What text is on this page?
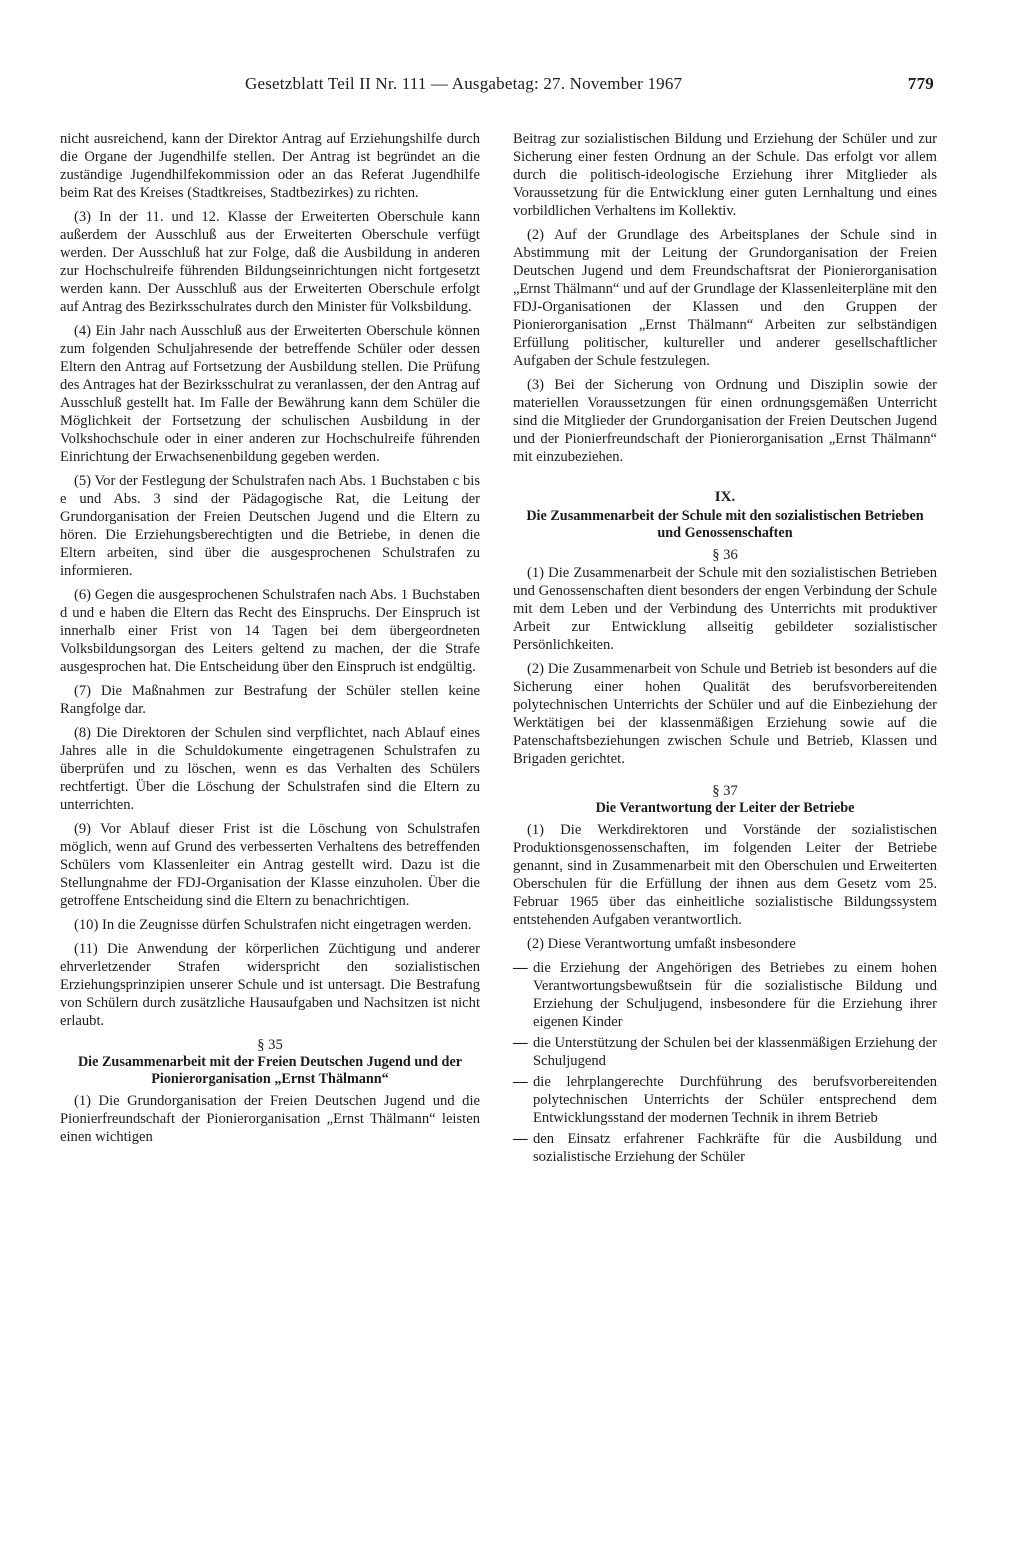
Gesetzblatt Teil II Nr. 111 — Ausgabetag: 27. November 1967	779

nicht ausreichend, kann der Direktor Antrag auf Erziehungshilfe durch die Organe der Jugendhilfe stellen. Der Antrag ist begründet an die zuständige Jugendhilfekommission oder an das Referat Jugendhilfe beim Rat des Kreises (Stadtkreises, Stadtbezirkes) zu richten.

(3) In der 11. und 12. Klasse der Erweiterten Oberschule kann außerdem der Ausschluß aus der Erweiterten Oberschule verfügt werden. Der Ausschluß hat zur Folge, daß die Ausbildung in anderen zur Hochschulreife führenden Bildungseinrichtungen nicht fortgesetzt werden kann. Der Ausschluß aus der Erweiterten Oberschule erfolgt auf Antrag des Bezirksschulrates durch den Minister für Volksbildung.

(4) Ein Jahr nach Ausschluß aus der Erweiterten Oberschule können zum folgenden Schuljahresende der betreffende Schüler oder dessen Eltern den Antrag auf Fortsetzung der Ausbildung stellen. Die Prüfung des Antrages hat der Bezirksschulrat zu veranlassen, der den Antrag auf Ausschluß gestellt hat. Im Falle der Bewährung kann dem Schüler die Möglichkeit der Fortsetzung der schulischen Ausbildung in der Volkshochschule oder in einer anderen zur Hochschulreife führenden Einrichtung der Erwachsenenbildung gegeben werden.

(5) Vor der Festlegung der Schulstrafen nach Abs. 1 Buchstaben c bis e und Abs. 3 sind der Pädagogische Rat, die Leitung der Grundorganisation der Freien Deutschen Jugend und die Eltern zu hören. Die Erziehungsberechtigten und die Betriebe, in denen die Eltern arbeiten, sind über die ausgesprochenen Schulstrafen zu informieren.

(6) Gegen die ausgesprochenen Schulstrafen nach Abs. 1 Buchstaben d und e haben die Eltern das Recht des Einspruchs. Der Einspruch ist innerhalb einer Frist von 14 Tagen bei dem übergeordneten Volksbildungsorgan des Leiters geltend zu machen, der die Strafe ausgesprochen hat. Die Entscheidung über den Einspruch ist endgültig.

(7) Die Maßnahmen zur Bestrafung der Schüler stellen keine Rangfolge dar.

(8) Die Direktoren der Schulen sind verpflichtet, nach Ablauf eines Jahres alle in die Schuldokumente eingetragenen Schulstrafen zu überprüfen und zu löschen, wenn es das Verhalten des Schülers rechtfertigt. Über die Löschung der Schulstrafen sind die Eltern zu unterrichten.

(9) Vor Ablauf dieser Frist ist die Löschung von Schulstrafen möglich, wenn auf Grund des verbesserten Verhaltens des betreffenden Schülers vom Klassenleiter ein Antrag gestellt wird. Dazu ist die Stellungnahme der FDJ-Organisation der Klasse einzuholen. Über die getroffene Entscheidung sind die Eltern zu benachrichtigen.

(10) In die Zeugnisse dürfen Schulstrafen nicht eingetragen werden.

(11) Die Anwendung der körperlichen Züchtigung und anderer ehrverletzender Strafen widerspricht den sozialistischen Erziehungsprinzipien unserer Schule und ist untersagt. Die Bestrafung von Schülern durch zusätzliche Hausaufgaben und Nachsitzen ist nicht erlaubt.

§ 35

Die Zusammenarbeit mit der Freien Deutschen Jugend und der Pionierorganisation „Ernst Thälmann“

(1) Die Grundorganisation der Freien Deutschen Jugend und die Pionierfreundschaft der Pionierorganisation „Ernst Thälmann“ leisten einen wichtigen

Beitrag zur sozialistischen Bildung und Erziehung der Schüler und zur Sicherung einer festen Ordnung an der Schule. Das erfolgt vor allem durch die politisch-ideologische Erziehung ihrer Mitglieder als Voraussetzung für die Entwicklung einer guten Lernhaltung und eines vorbildlichen Verhaltens im Kollektiv.

(2) Auf der Grundlage des Arbeitsplanes der Schule sind in Abstimmung mit der Leitung der Grundorganisation der Freien Deutschen Jugend und dem Freundschaftsrat der Pionierorganisation „Ernst Thälmann“ und auf der Grundlage der Klassenleiterpläne mit den FDJ-Organisationen der Klassen und den Gruppen der Pionierorganisation „Ernst Thälmann“ Arbeiten zur selbständigen Erfüllung politischer, kultureller und anderer gesellschaftlicher Aufgaben der Schule festzulegen.

(3) Bei der Sicherung von Ordnung und Disziplin sowie der materiellen Voraussetzungen für einen ordnungsgemäßen Unterricht sind die Mitglieder der Grundorganisation der Freien Deutschen Jugend und der Pionierfreundschaft der Pionierorganisation „Ernst Thälmann“ mit einzubeziehen.

IX.

Die Zusammenarbeit der Schule mit den sozialistischen Betrieben und Genossenschaften

§ 36

(1) Die Zusammenarbeit der Schule mit den sozialistischen Betrieben und Genossenschaften dient besonders der engen Verbindung der Schule mit dem Leben und der Verbindung des Unterrichts mit produktiver Arbeit zur Entwicklung allseitig gebildeter sozialistischer Persönlichkeiten.

(2) Die Zusammenarbeit von Schule und Betrieb ist besonders auf die Sicherung einer hohen Qualität des berufsvorbereitenden polytechnischen Unterrichts der Schüler und auf die Einbeziehung der Werktätigen bei der klassenmäßigen Erziehung sowie auf die Patenschaftsbeziehungen zwischen Schule und Betrieb, Klassen und Brigaden gerichtet.

§ 37

Die Verantwortung der Leiter der Betriebe

(1) Die Werkdirektoren und Vorstände der sozialistischen Produktionsgenossenschaften, im folgenden Leiter der Betriebe genannt, sind in Zusammenarbeit mit den Oberschulen und Erweiterten Oberschulen für die Erfüllung der ihnen aus dem Gesetz vom 25. Februar 1965 über das einheitliche sozialistische Bildungssystem entstehenden Aufgaben verantwortlich.

(2) Diese Verantwortung umfaßt insbesondere

— die Erziehung der Angehörigen des Betriebes zu einem hohen Verantwortungsbewußtsein für die sozialistische Bildung und Erziehung der Schuljugend, insbesondere für die Erziehung ihrer eigenen Kinder
— die Unterstützung der Schulen bei der klassenmäßigen Erziehung der Schuljugend
— die lehrplangerechte Durchführung des berufsvorbereitenden polytechnischen Unterrichts der Schüler entsprechend dem Entwicklungsstand der modernen Technik in ihrem Betrieb
— den Einsatz erfahrener Fachkräfte für die Ausbildung und sozialistische Erziehung der Schüler
